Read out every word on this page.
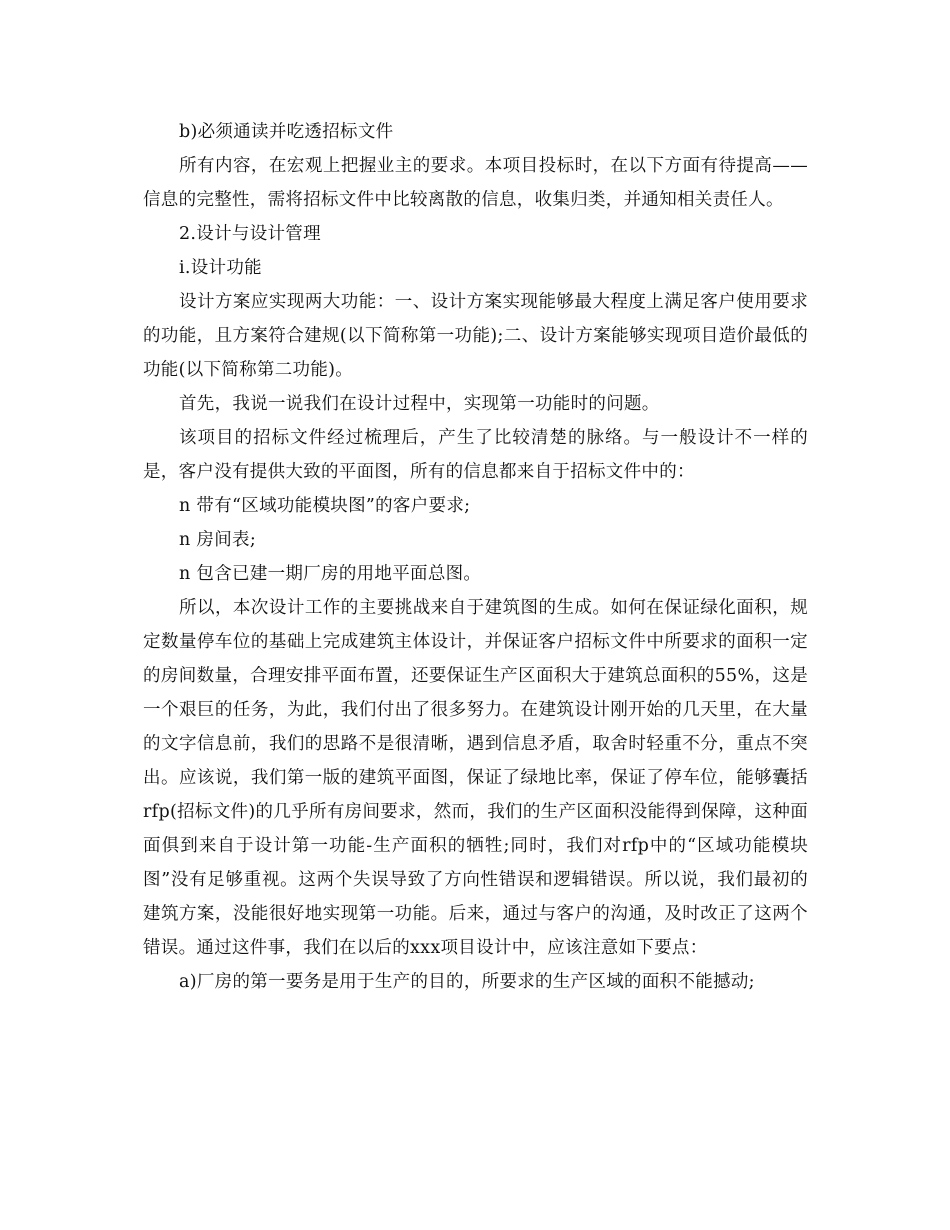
b)必须通读并吃透招标文件

所有内容，在宏观上把握业主的要求。本项目投标时，在以下方面有待提高——信息的完整性，需将招标文件中比较离散的信息，收集归类，并通知相关责任人。

2.设计与设计管理

i.设计功能

设计方案应实现两大功能：一、设计方案实现能够最大程度上满足客户使用要求的功能，且方案符合建规(以下简称第一功能);二、设计方案能够实现项目造价最低的功能(以下简称第二功能)。

首先，我说一说我们在设计过程中，实现第一功能时的问题。

该项目的招标文件经过梳理后，产生了比较清楚的脉络。与一般设计不一样的是，客户没有提供大致的平面图，所有的信息都来自于招标文件中的：

n 带有“区域功能模块图”的客户要求;

n 房间表;

n 包含已建一期厂房的用地平面总图。

所以，本次设计工作的主要挑战来自于建筑图的生成。如何在保证绿化面积，规定数量停车位的基础上完成建筑主体设计，并保证客户招标文件中所要求的面积一定的房间数量，合理安排平面布置，还要保证生产区面积大于建筑总面积的55%，这是一个艰巨的任务，为此，我们付出了很多努力。在建筑设计刚开始的几天里，在大量的文字信息前，我们的思路不是很清晰，遇到信息矛盾，取舍时轻重不分，重点不突出。应该说，我们第一版的建筑平面图，保证了绿地比率，保证了停车位，能够囊括rfp(招标文件)的几乎所有房间要求，然而，我们的生产区面积没能得到保障，这种面面俱到来自于设计第一功能-生产面积的牺牲;同时，我们对rfp中的“区域功能模块图”没有足够重视。这两个失误导致了方向性错误和逻辑错误。所以说，我们最初的建筑方案，没能很好地实现第一功能。后来，通过与客户的沟通，及时改正了这两个错误。通过这件事，我们在以后的xxx项目设计中，应该注意如下要点：

a)厂房的第一要务是用于生产的目的，所要求的生产区域的面积不能撼动;
